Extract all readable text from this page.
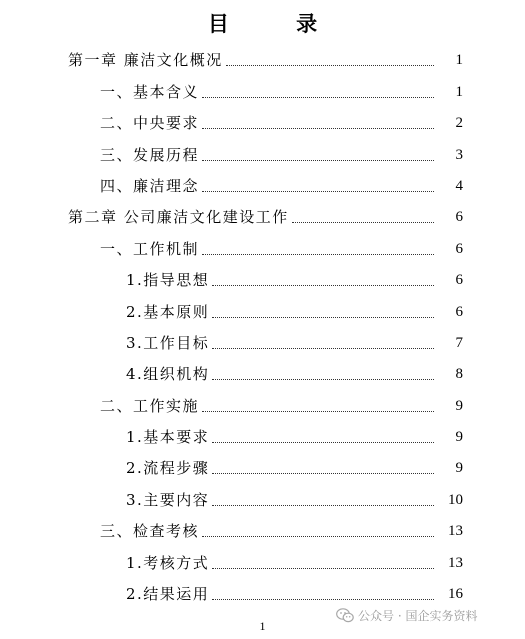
目 录
第一章 廉洁文化概况	1
一、基本含义	1
二、中央要求	2
三、发展历程	3
四、廉洁理念	4
第二章 公司廉洁文化建设工作	6
一、工作机制	6
1.指导思想	6
2.基本原则	6
3.工作目标	7
4.组织机构	8
二、工作实施	9
1.基本要求	9
2.流程步骤	9
3.主要内容	10
三、检查考核	13
1.考核方式	13
2.结果运用	16
1
公众号 · 国企实务资料
